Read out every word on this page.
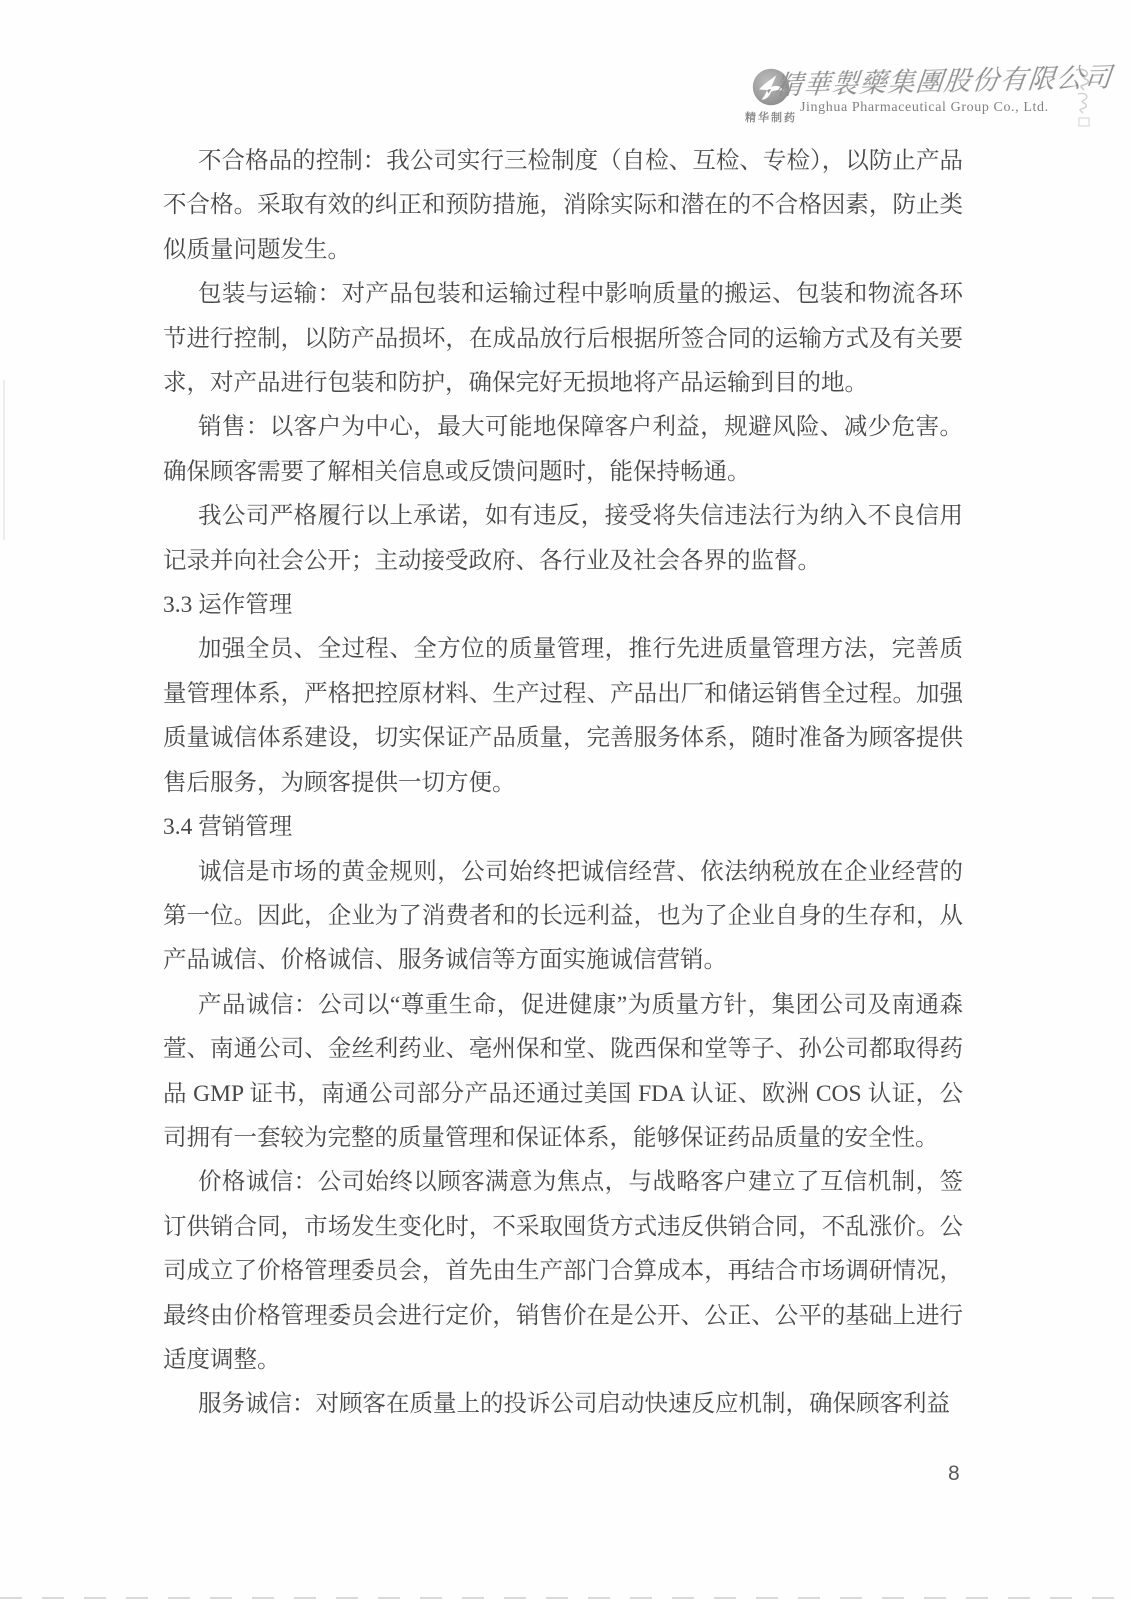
精华制药
精華製藥集團股份有限公司
Jinghua Pharmaceutical Group Co., Ltd.

不合格品的控制：我公司实行三检制度（自检、互检、专检），以防止产品不合格。采取有效的纠正和预防措施，消除实际和潜在的不合格因素，防止类似质量问题发生。

包装与运输：对产品包装和运输过程中影响质量的搬运、包装和物流各环节进行控制，以防产品损坏，在成品放行后根据所签合同的运输方式及有关要求，对产品进行包装和防护，确保完好无损地将产品运输到目的地。

销售：以客户为中心，最大可能地保障客户利益，规避风险、减少危害。确保顾客需要了解相关信息或反馈问题时，能保持畅通。

我公司严格履行以上承诺，如有违反，接受将失信违法行为纳入不良信用记录并向社会公开；主动接受政府、各行业及社会各界的监督。

3.3 运作管理

加强全员、全过程、全方位的质量管理，推行先进质量管理方法，完善质量管理体系，严格把控原材料、生产过程、产品出厂和储运销售全过程。加强质量诚信体系建设，切实保证产品质量，完善服务体系，随时准备为顾客提供售后服务，为顾客提供一切方便。

3.4 营销管理

诚信是市场的黄金规则，公司始终把诚信经营、依法纳税放在企业经营的第一位。因此，企业为了消费者和的长远利益，也为了企业自身的生存和，从产品诚信、价格诚信、服务诚信等方面实施诚信营销。

产品诚信：公司以“尊重生命，促进健康”为质量方针，集团公司及南通森萱、南通公司、金丝利药业、亳州保和堂、陇西保和堂等子、孙公司都取得药品 GMP 证书，南通公司部分产品还通过美国 FDA 认证、欧洲 COS 认证，公司拥有一套较为完整的质量管理和保证体系，能够保证药品质量的安全性。

价格诚信：公司始终以顾客满意为焦点，与战略客户建立了互信机制，签订供销合同，市场发生变化时，不采取囤货方式违反供销合同，不乱涨价。公司成立了价格管理委员会，首先由生产部门合算成本，再结合市场调研情况，最终由价格管理委员会进行定价，销售价在是公开、公正、公平的基础上进行适度调整。

服务诚信：对顾客在质量上的投诉公司启动快速反应机制，确保顾客利益

8
